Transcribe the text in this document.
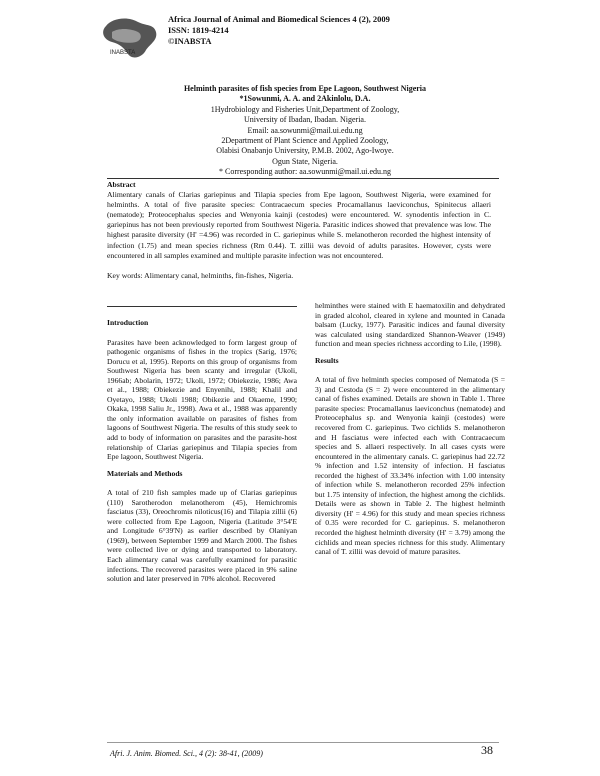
INABSTA
Africa Journal of Animal and Biomedical Sciences 4 (2), 2009
ISSN: 1819-4214
©INABSTA
Helminth parasites of fish species from Epe Lagoon, Southwest Nigeria
*1Sowunmi, A. A. and 2Akinlolu, D.A.
1Hydrobiology and Fisheries Unit,Department of Zoology,
University of Ibadan, Ibadan. Nigeria.
Email: aa.sowunmi@mail.ui.edu.ng
2Department of Plant Science and Applied Zoology,
Olabisi Onabanjo University, P.M.B. 2002, Ago-Iwoye.
Ogun State, Nigeria.
* Corresponding author: aa.sowunmi@mail.ui.edu.ng
Abstract
Alimentary canals of Clarias gariepinus and Tilapia species from Epe lagoon, Southwest Nigeria, were examined for helminths. A total of five parasite species: Contracaecum species Procamallanus laeviconchus, Spinitecus allaeri (nematode); Proteocephalus species and Wenyonia kainji (cestodes) were encountered. W. synodentis infection in C. gariepinus has not been previously reported from Southwest Nigeria. Parasitic indices showed that prevalence was low. The highest parasite diversity (H' =4.96) was recorded in C. gariepinus while S. melanotheron recorded the highest intensity of infection (1.75) and mean species richness (Rm 0.44). T. zillii was devoid of adults parasites. However, cysts were encountered in all samples examined and multiple parasite infection was not encountered.
Key words: Alimentary canal, helminths, fin-fishes, Nigeria.

Introduction

Parasites have been acknowledged to form largest group of pathogenic organisms of fishes in the tropics (Sarig, 1976; Dorucu et al, 1995). Reports on this group of organisms from Southwest Nigeria has been scanty and irregular (Ukoli, 1966ab; Abolarin, 1972; Ukoli, 1972; Obiekezie, 1986; Awa et al., 1988; Obiekezie and Enyenihi, 1988; Khalil and Oyetayo, 1988; Ukoli 1988; Obikezie and Okaeme, 1990; Okaka, 1998 Saliu Jr., 1998). Awa et al., 1988 was apparently the only information available on parasites of fishes from lagoons of Southwest Nigeria. The results of this study seek to add to body of information on parasites and the parasite-host relationship of Clarias gariepinus and Tilapia species from Epe lagoon, Southwest Nigeria.

Materials and Methods

A total of 210 fish samples made up of Clarias gariepinus (110) Sarotherodon melanotherom (45), Hemichromis fasciatus (33), Oreochromis niloticus(16) and Tilapia zillii (6) were collected from Epe Lagoon, Nigeria (Latitude 3°54'E and Longitude 6°39'N) as earlier described by Olaniyan (1969), between September 1999 and March 2000. The fishes were collected live or dying and transported to laboratory. Each alimentary canal was carefully examined for parasitic infections. The recovered parasites were placed in 9% saline solution and later preserved in 70% alcohol. Recovered

helminthes were stained with E haematoxilin and dehydrated in graded alcohol, cleared in xylene and mounted in Canada balsam (Lucky, 1977). Parasitic indices and faunal diversity was calculated using standardized Shannon-Weaver (1949) function and mean species richness according to Lile, (1998).

Results

A total of five helminth species composed of Nematoda (S = 3) and Cestoda (S = 2) were encountered in the alimentary canal of fishes examined. Details are shown in Table 1. Three parasite species: Procamallanus laeviconchus (nematode) and Proteocephalus sp. and Wenyonia kainji (cestodes) were recovered from C. gariepinus. Two cichlids S. melanotheron and H fasciatus were infected each with Contracaecum species and S. allaeri respectively. In all cases cysts were encountered in the alimentary canals. C. gariepinus had 22.72 % infection and 1.52 intensity of infection. H fasciatus recorded the highest of 33.34% infection with 1.00 intensity of infection while S. melanotheron recorded 25% infection but 1.75 intensity of infection, the highest among the cichlids. Details were as shown in Table 2. The highest helminth diversity (H' = 4.96) for this study and mean species richness of 0.35 were recorded for C. gariepinus. S. melanotheron recorded the highest helminth diversity (H' = 3.79) among the cichlids and mean species richness for this study. Alimentary canal of T. zillii was devoid of mature parasites.

Afri. J. Anim. Biomed. Sci., 4 (2): 38-41, (2009)	38
